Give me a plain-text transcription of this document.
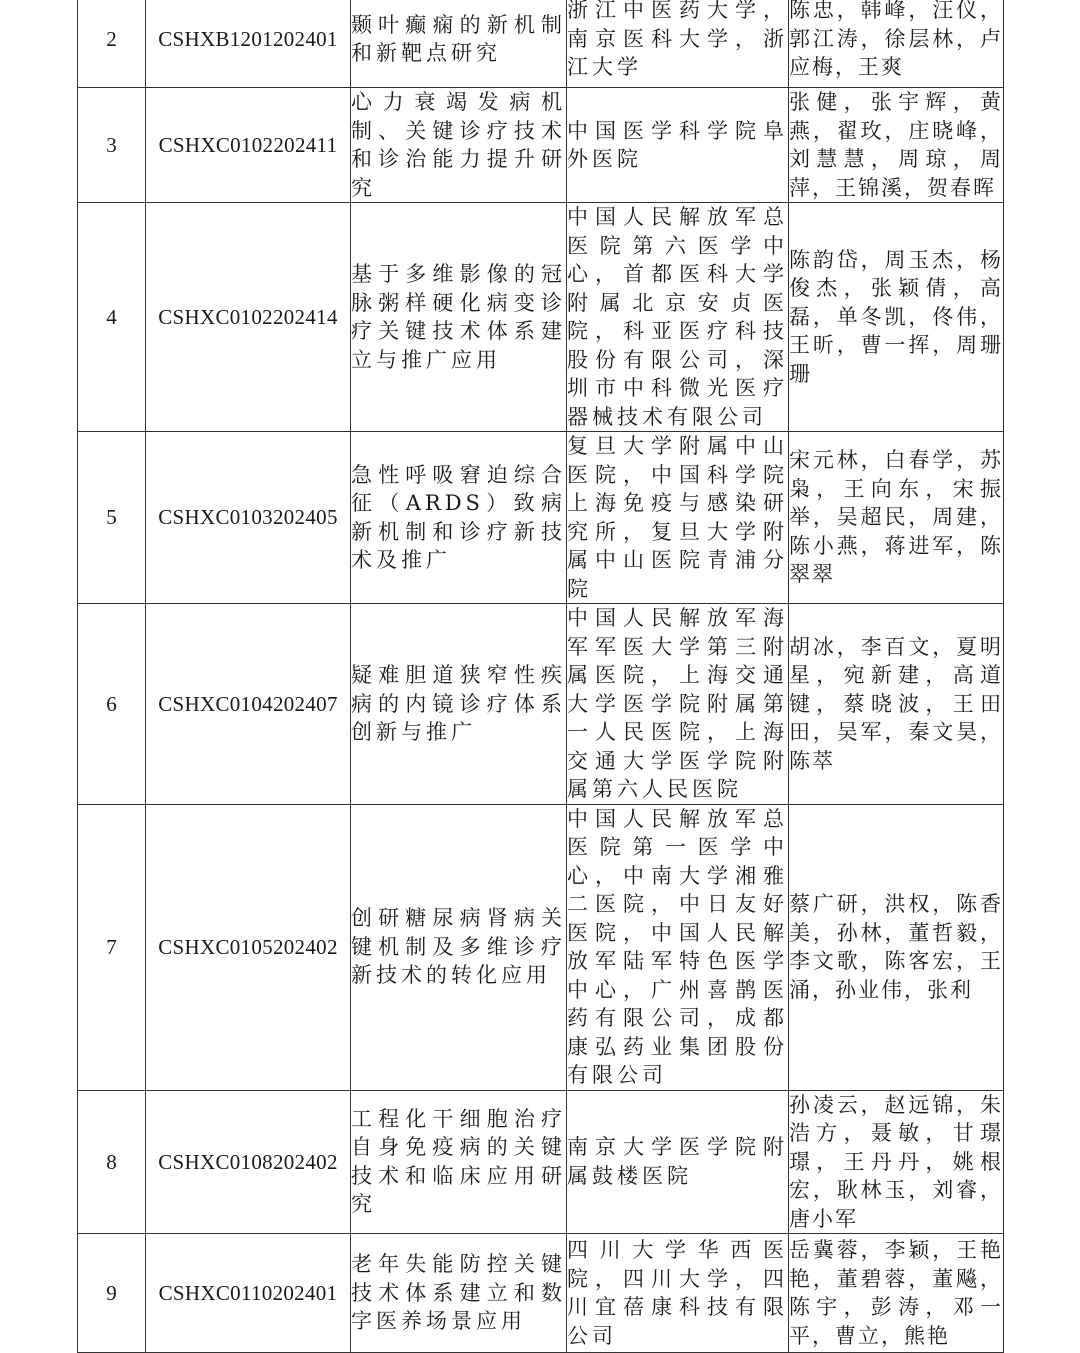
2	CSHXB1201202401	颞叶癫痫的新机制和新靶点研究	浙江中医药大学，南京医科大学，浙江大学	陈忠，韩峰，汪仪，郭江涛，徐层林，卢应梅，王爽
3	CSHXC0102202411	心力衰竭发病机制、关键诊疗技术和诊治能力提升研究	中国医学科学院阜外医院	张健，张宇辉，黄燕，翟玫，庄晓峰，刘慧慧，周琼，周萍，王锦溪，贺春晖
4	CSHXC0102202414	基于多维影像的冠脉粥样硬化病变诊疗关键技术体系建立与推广应用	中国人民解放军总医院第六医学中心，首都医科大学附属北京安贞医院，科亚医疗科技股份有限公司，深圳市中科微光医疗器械技术有限公司	陈韵岱，周玉杰，杨俊杰，张颖倩，高磊，单冬凯，佟伟，王昕，曹一挥，周珊珊
5	CSHXC0103202405	急性呼吸窘迫综合征（ARDS）致病新机制和诊疗新技术及推广	复旦大学附属中山医院，中国科学院上海免疫与感染研究所，复旦大学附属中山医院青浦分院	宋元林，白春学，苏枭，王向东，宋振举，吴超民，周建，陈小燕，蒋进军，陈翠翠
6	CSHXC0104202407	疑难胆道狭窄性疾病的内镜诊疗体系创新与推广	中国人民解放军海军军医大学第三附属医院，上海交通大学医学院附属第一人民医院，上海交通大学医学院附属第六人民医院	胡冰，李百文，夏明星，宛新建，高道键，蔡晓波，王田田，吴军，秦文昊，陈萃
7	CSHXC0105202402	创研糖尿病肾病关键机制及多维诊疗新技术的转化应用	中国人民解放军总医院第一医学中心，中南大学湘雅二医院，中日友好医院，中国人民解放军陆军特色医学中心，广州喜鹊医药有限公司，成都康弘药业集团股份有限公司	蔡广研，洪权，陈香美，孙林，董哲毅，李文歌，陈客宏，王涌，孙业伟，张利
8	CSHXC0108202402	工程化干细胞治疗自身免疫病的关键技术和临床应用研究	南京大学医学院附属鼓楼医院	孙凌云，赵远锦，朱浩方，聂敏，甘璟璟，王丹丹，姚根宏，耿林玉，刘睿，唐小军
9	CSHXC0110202401	老年失能防控关键技术体系建立和数字医养场景应用	四川大学华西医院，四川大学，四川宜蓓康科技有限公司	岳冀蓉，李颖，王艳艳，董碧蓉，董飚，陈宇，彭涛，邓一平，曹立，熊艳
